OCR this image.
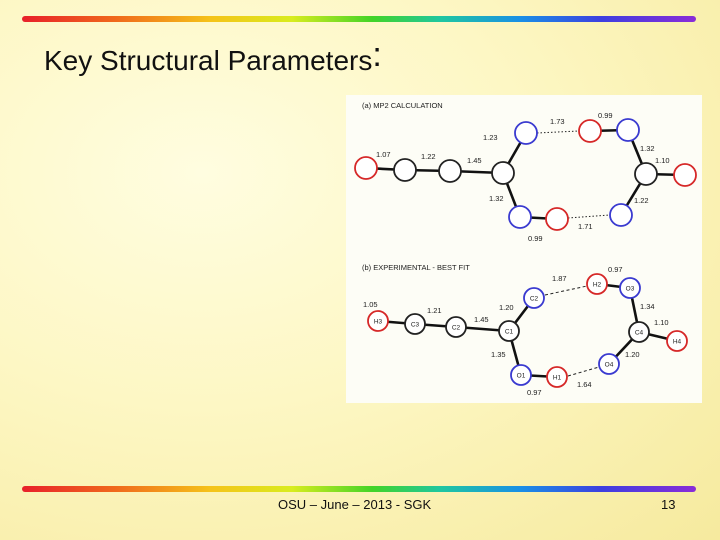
Key Structural Parameters:
(a) MP2 CALCULATION
1.07	1.22	1.45
1.23
1.73
0.99
1.32
1.10
1.32
0.99
1.71
1.22
(b) EXPERIMENTAL - BEST FIT
H3	C3	C2
C1
C2
O1	H1
H2
O3
C4
H4
O4
1.05
1.21
1.45
1.20
1.87
0.97
1.34
1.10
1.35
0.97
1.64
1.20
OSU – June – 2013 - SGK	13
